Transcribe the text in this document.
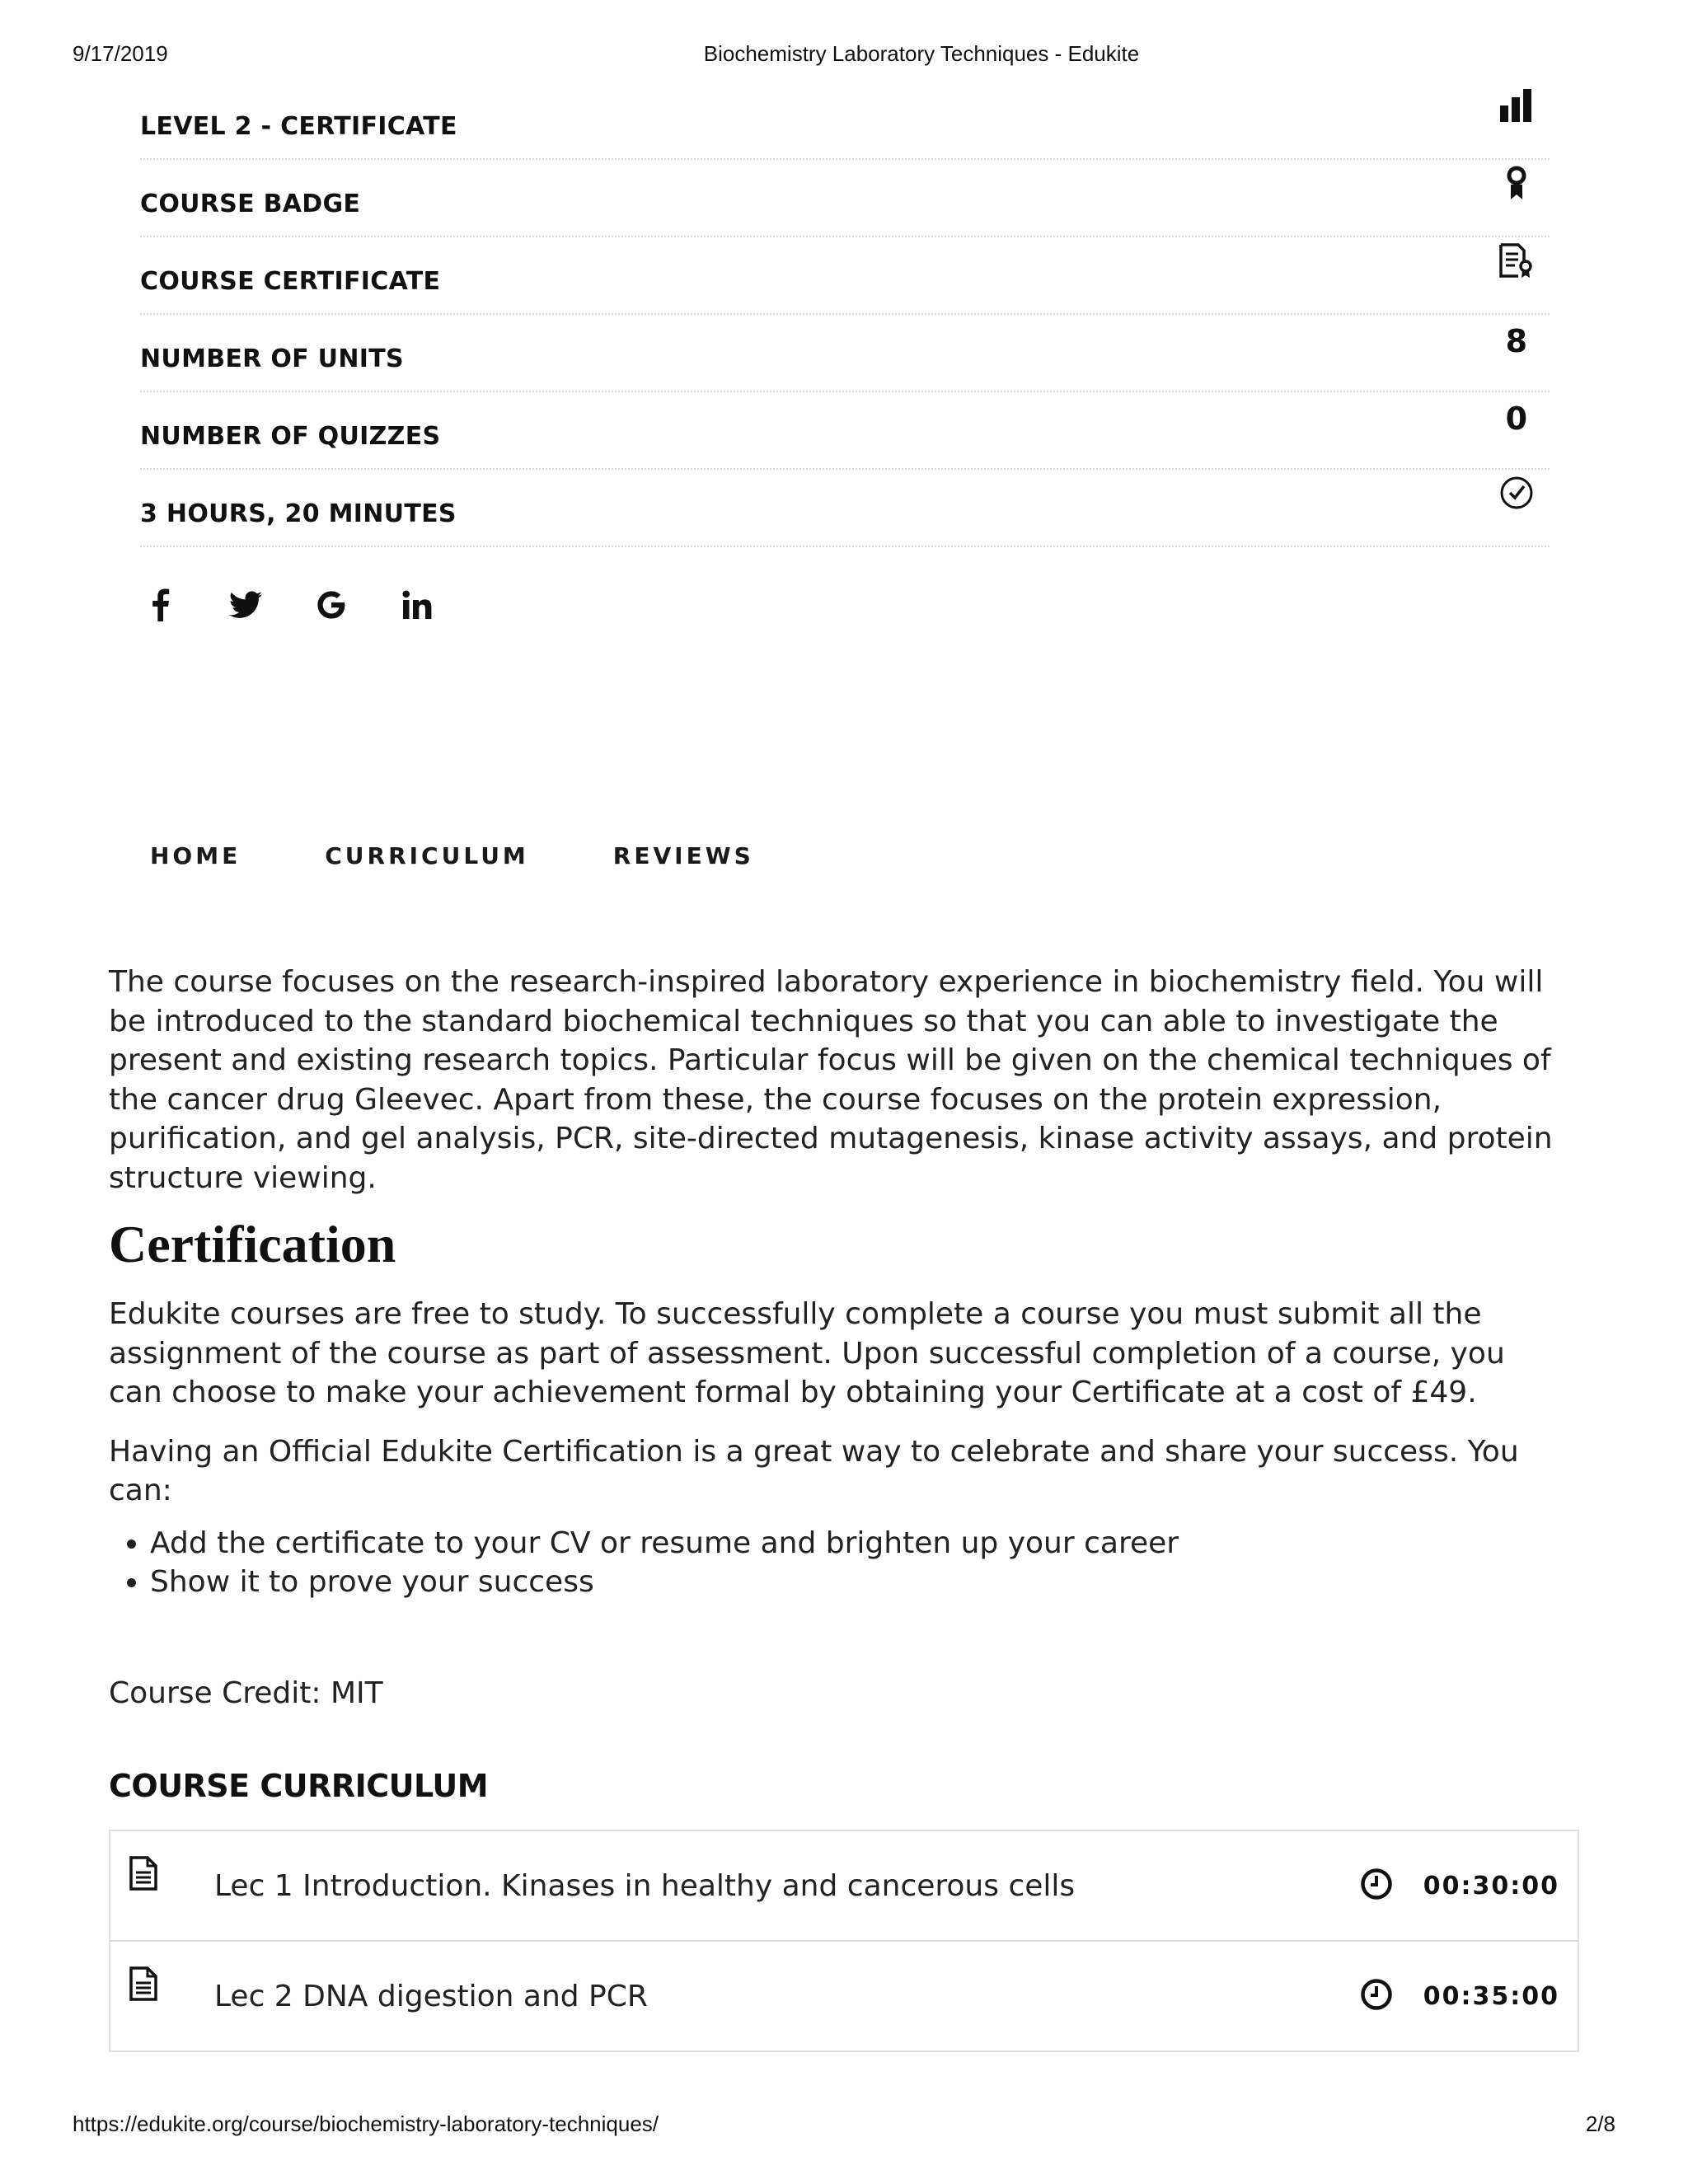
9/17/2019	Biochemistry Laboratory Techniques - Edukite
LEVEL 2 - CERTIFICATE
COURSE BADGE
COURSE CERTIFICATE
NUMBER OF UNITS	8
NUMBER OF QUIZZES	0
3 HOURS, 20 MINUTES
HOME	CURRICULUM	REVIEWS

The course focuses on the research-inspired laboratory experience in biochemistry field. You will be introduced to the standard biochemical techniques so that you can able to investigate the present and existing research topics. Particular focus will be given on the chemical techniques of the cancer drug Gleevec. Apart from these, the course focuses on the protein expression, purification, and gel analysis, PCR, site-directed mutagenesis, kinase activity assays, and protein structure viewing.

Certification

Edukite courses are free to study. To successfully complete a course you must submit all the assignment of the course as part of assessment. Upon successful completion of a course, you can choose to make your achievement formal by obtaining your Certificate at a cost of £49.

Having an Official Edukite Certification is a great way to celebrate and share your success. You can:

• Add the certificate to your CV or resume and brighten up your career
• Show it to prove your success
Course Credit: MIT
COURSE CURRICULUM
Lec 1 Introduction. Kinases in healthy and cancerous cells	00:30:00
Lec 2 DNA digestion and PCR	00:35:00
https://edukite.org/course/biochemistry-laboratory-techniques/	2/8
